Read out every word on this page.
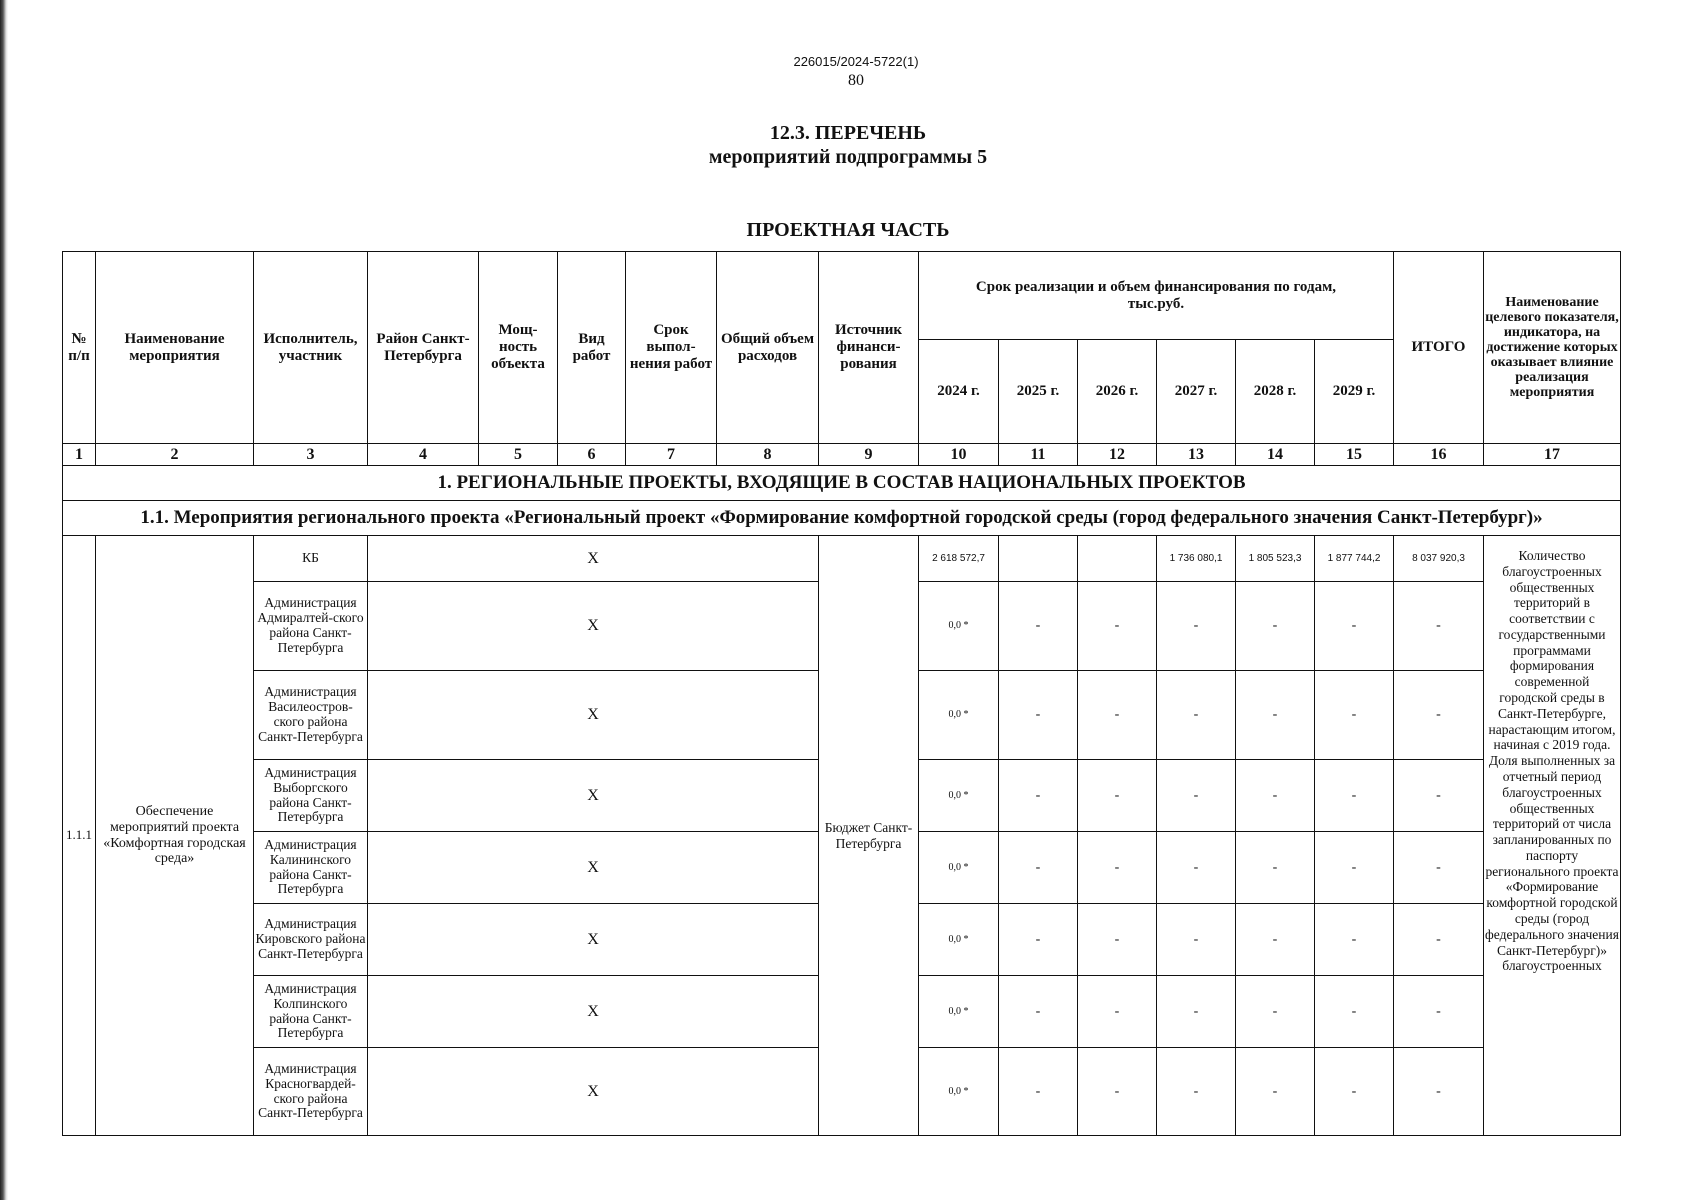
226015/2024-5722(1)
80
12.3. ПЕРЕЧЕНЬ
мероприятий подпрограммы 5
ПРОЕКТНАЯ ЧАСТЬ
№ п/п	Наименование мероприятия	Исполнитель, участник	Район Санкт-Петербурга	Мощ-ность объекта	Вид работ	Срок выпол-нения работ	Общий объем расходов	Источник финанси-рования	Срок реализации и объем финансирования по годам, тыс.руб.						ИТОГО	Наименование целевого показателя, индикатора, на достижение которых оказывает влияние реализация мероприятия
									2024 г.	2025 г.	2026 г.	2027 г.	2028 г.	2029 г.		
1	2	3	4	5	6	7	8	9	10	11	12	13	14	15	16	17
1. РЕГИОНАЛЬНЫЕ ПРОЕКТЫ, ВХОДЯЩИЕ В СОСТАВ НАЦИОНАЛЬНЫХ ПРОЕКТОВ																
1.1. Мероприятия регионального проекта «Региональный проект «Формирование комфортной городской среды (город федерального значения Санкт-Петербург)»																
1.1.1	Обеспечение мероприятий проекта «Комфортная городская среда»	КБ	Х					Бюджет Санкт-Петербурга	2 618 572,7			1 736 080,1	1 805 523,3	1 877 744,2	8 037 920,3	Количество благоустроенных общественных территорий в соответствии с государственными программами формирования современной городской среды в Санкт-Петербурге, нарастающим итогом, начиная с 2019 года. Доля выполненных за отчетный период благоустроенных общественных территорий от числа запланированных по паспорту регионального проекта «Формирование комфортной городской среды (город федерального значения Санкт-Петербург)» благоустроенных
		Администрация Адмиралтей-ского района Санкт-Петербурга	Х						0,0 *	-	-	-	-	-	-	
		Администрация Василеостров-ского района Санкт-Петербурга	Х						0,0 *	-	-	-	-	-	-	
		Администрация Выборгского района Санкт-Петербурга	Х						0,0 *	-	-	-	-	-	-	
		Администрация Калининского района Санкт-Петербурга	Х						0,0 *	-	-	-	-	-	-	
		Администрация Кировского района Санкт-Петербурга	Х						0,0 *	-	-	-	-	-	-	
		Администрация Колпинского района Санкт-Петербурга	Х						0,0 *	-	-	-	-	-	-	
		Администрация Красногвардей-ского района Санкт-Петербурга	Х						0,0 *	-	-	-	-	-	-	
